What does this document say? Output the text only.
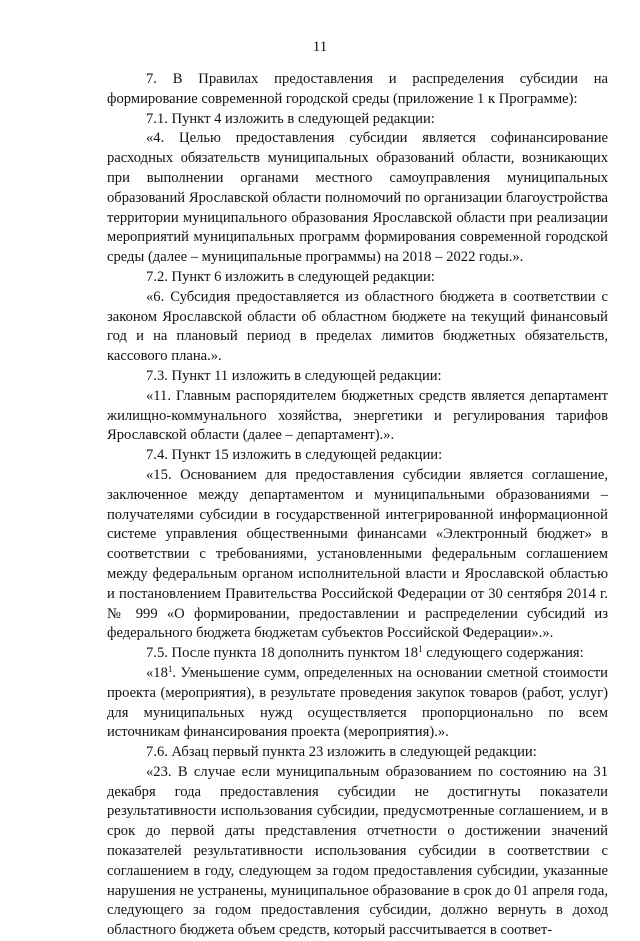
11

7. В Правилах предоставления и распределения субсидии на формирование современной городской среды (приложение 1 к Программе):

7.1. Пункт 4 изложить в следующей редакции:

«4. Целью предоставления субсидии является софинансирование расходных обязательств муниципальных образований области, возникающих при выполнении органами местного самоуправления муниципальных образований Ярославской области полномочий по организации благоустройства территории муниципального образования Ярославской области при реализации мероприятий муниципальных программ формирования современной городской среды (далее – муниципальные программы) на 2018 – 2022 годы.».

7.2. Пункт 6 изложить в следующей редакции:

«6. Субсидия предоставляется из областного бюджета в соответствии с законом Ярославской области об областном бюджете на текущий финансовый год и на плановый период в пределах лимитов бюджетных обязательств, кассового плана.».

7.3. Пункт 11 изложить в следующей редакции:

«11. Главным распорядителем бюджетных средств является департамент жилищно-коммунального хозяйства, энергетики и регулирования тарифов Ярославской области (далее – департамент).».

7.4. Пункт 15 изложить в следующей редакции:

«15. Основанием для предоставления субсидии является соглашение, заключенное между департаментом и муниципальными образованиями – получателями субсидии в государственной интегрированной информационной системе управления общественными финансами «Электронный бюджет» в соответствии с требованиями, установленными федеральным соглашением между федеральным органом исполнительной власти и Ярославской областью и постановлением Правительства Российской Федерации от 30 сентября 2014 г. № 999 «О формировании, предоставлении и распределении субсидий из федерального бюджета бюджетам субъектов Российской Федерации».».

7.5. После пункта 18 дополнить пунктом $18^1$ следующего содержания:

«$18^1$. Уменьшение сумм, определенных на основании сметной стоимости проекта (мероприятия), в результате проведения закупок товаров (работ, услуг) для муниципальных нужд осуществляется пропорционально по всем источникам финансирования проекта (мероприятия).».

7.6. Абзац первый пункта 23 изложить в следующей редакции:

«23. В случае если муниципальным образованием по состоянию на 31 декабря года предоставления субсидии не достигнуты показатели результативности использования субсидии, предусмотренные соглашением, и в срок до первой даты представления отчетности о достижении значений показателей результативности использования субсидии в соответствии с соглашением в году, следующем за годом предоставления субсидии, указанные нарушения не устранены, муниципальное образование в срок до 01 апреля года, следующего за годом предоставления субсидии, должно вернуть в доход областного бюджета объем средств, который рассчитывается в соответ-
